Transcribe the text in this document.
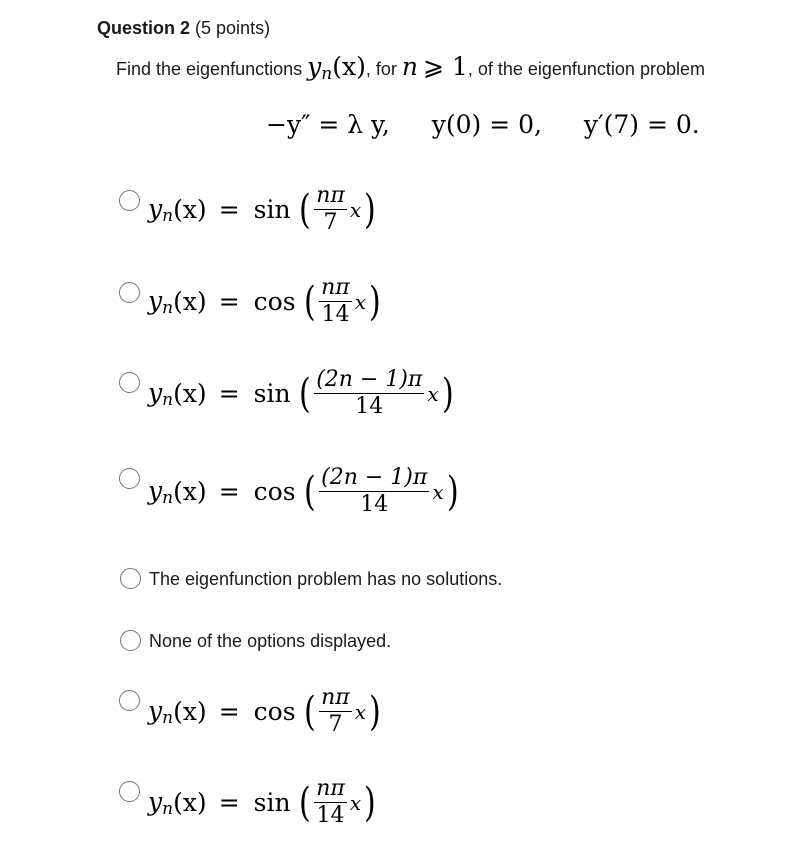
Question 2 (5 points)
Find the eigenfunctions yn(x), for n ⩾ 1, of the eigenfunction problem
−y″ = λ y, y(0) = 0, y′(7) = 0.
$y_n$ (x) = sin ( $\frac{n\pi}{7}$ x )
$y_n$ (x) = cos ( $\frac{n\pi}{14}$ x )
$y_n$ (x) = sin ( $\frac{(2n - 1)\pi}{14}$ x )
$y_n$ (x) = cos ( $\frac{(2n - 1)\pi}{14}$ x )
The eigenfunction problem has no solutions.
None of the options displayed.
$y_n$ (x) = cos ( $\frac{n\pi}{7}$ x )
$y_n$ (x) = sin ( $\frac{n\pi}{14}$ x )
